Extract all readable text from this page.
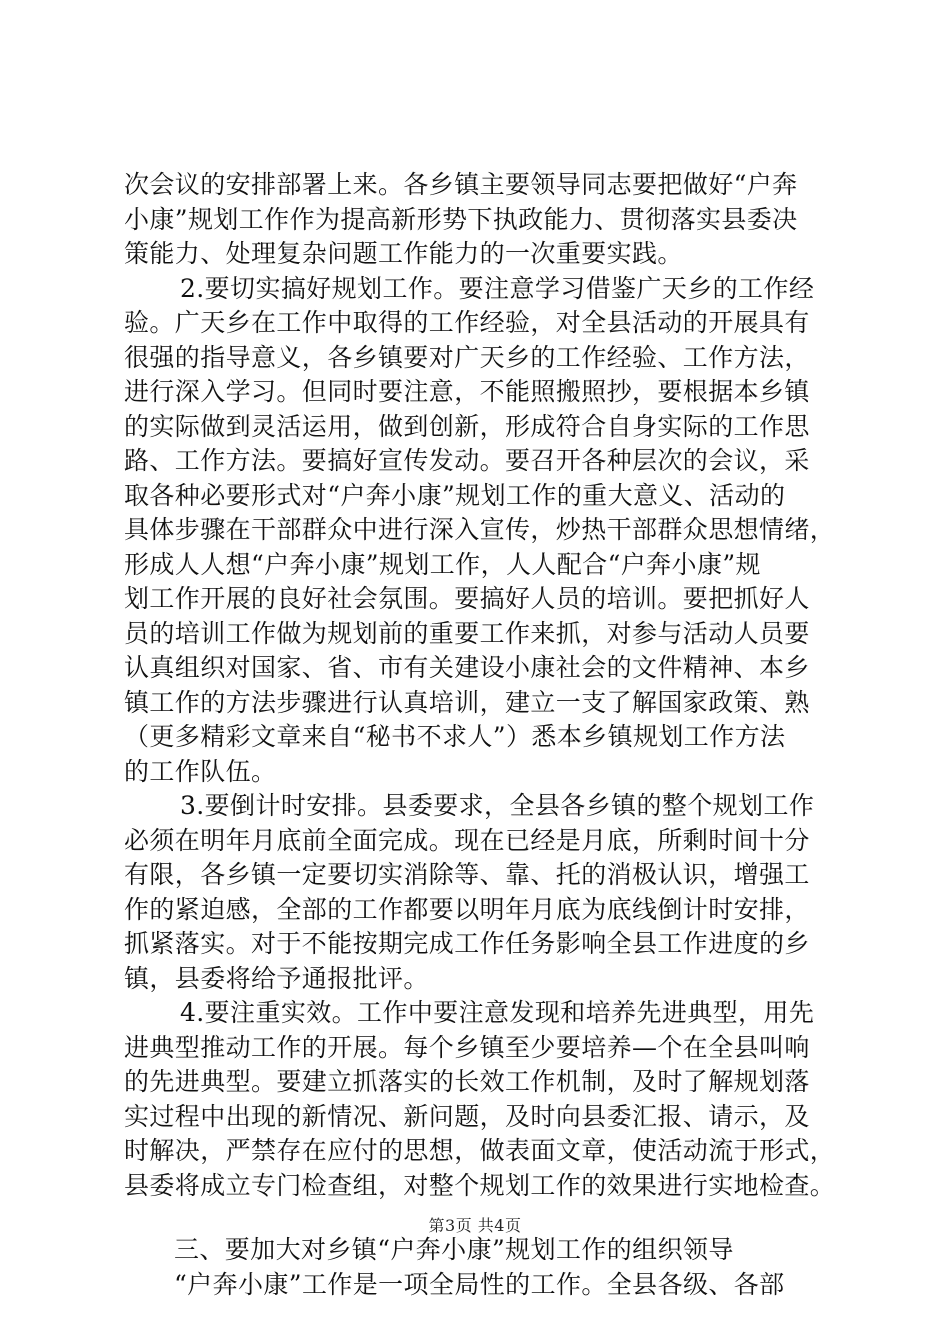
次会议的安排部署上来。各乡镇主要领导同志要把做好“户奔
小康”规划工作作为提高新形势下执政能力、贯彻落实县委决
策能力、处理复杂问题工作能力的一次重要实践。
2.要切实搞好规划工作。要注意学习借鉴广天乡的工作经
验。广天乡在工作中取得的工作经验，对全县活动的开展具有
很强的指导意义，各乡镇要对广天乡的工作经验、工作方法，
进行深入学习。但同时要注意，不能照搬照抄，要根据本乡镇
的实际做到灵活运用，做到创新，形成符合自身实际的工作思
路、工作方法。要搞好宣传发动。要召开各种层次的会议，采
取各种必要形式对“户奔小康”规划工作的重大意义、活动的
具体步骤在干部群众中进行深入宣传，炒热干部群众思想情绪，
形成人人想“户奔小康”规划工作，人人配合“户奔小康”规
划工作开展的良好社会氛围。要搞好人员的培训。要把抓好人
员的培训工作做为规划前的重要工作来抓，对参与活动人员要
认真组织对国家、省、市有关建设小康社会的文件精神、本乡
镇工作的方法步骤进行认真培训，建立一支了解国家政策、熟
（更多精彩文章来自“秘书不求人”）悉本乡镇规划工作方法
的工作队伍。
3.要倒计时安排。县委要求，全县各乡镇的整个规划工作
必须在明年月底前全面完成。现在已经是月底，所剩时间十分
有限，各乡镇一定要切实消除等、靠、托的消极认识，增强工
作的紧迫感，全部的工作都要以明年月底为底线倒计时安排，
抓紧落实。对于不能按期完成工作任务影响全县工作进度的乡
镇，县委将给予通报批评。
4.要注重实效。工作中要注意发现和培养先进典型，用先
进典型推动工作的开展。每个乡镇至少要培养—个在全县叫响
的先进典型。要建立抓落实的长效工作机制，及时了解规划落
实过程中出现的新情况、新问题，及时向县委汇报、请示，及
时解决，严禁存在应付的思想，做表面文章，使活动流于形式，
县委将成立专门检查组，对整个规划工作的效果进行实地检查。
三、要加大对乡镇“户奔小康”规划工作的组织领导
“户奔小康”工作是一项全局性的工作。全县各级、各部
第3页 共4页
